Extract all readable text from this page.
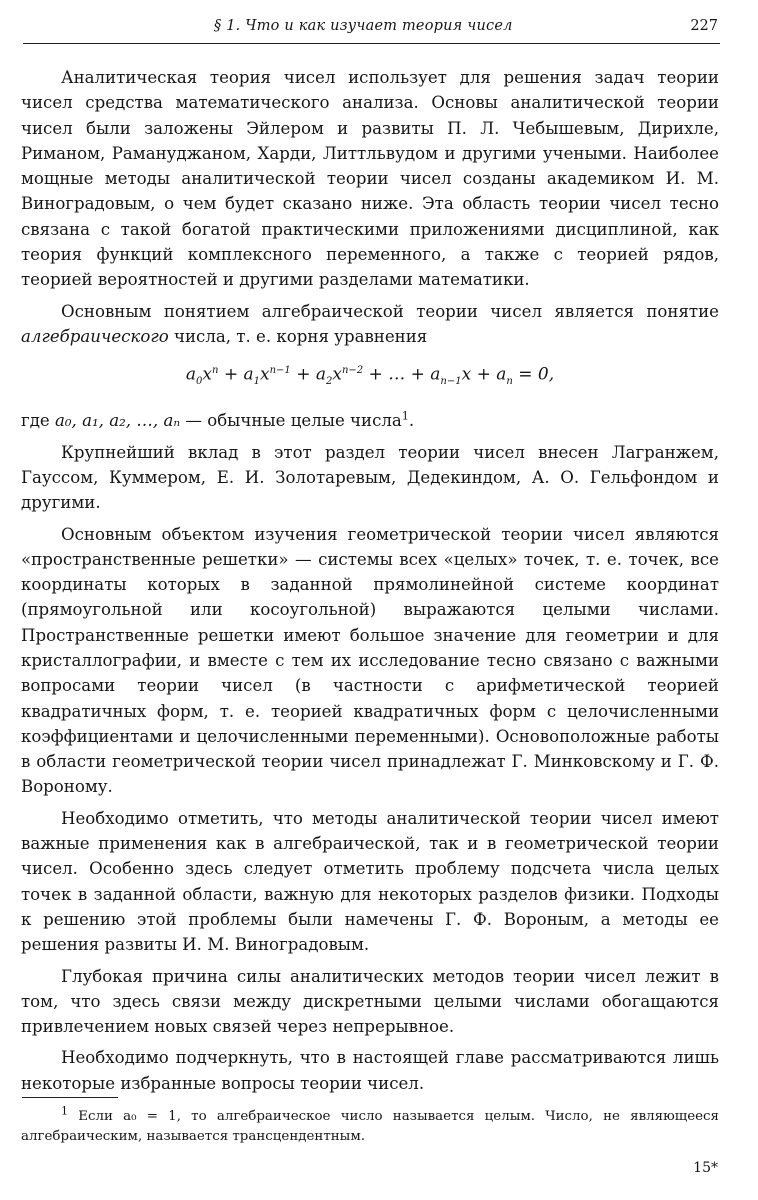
§ 1. Что и как изучает теория чисел	227

Аналитическая теория чисел использует для решения задач теории чисел средства математического анализа. Основы аналитической теории чисел были заложены Эйлером и развиты П. Л. Чебышевым, Дирихле, Риманом, Рамануджаном, Харди, Литтльвудом и другими учеными. Наиболее мощные методы аналитической теории чисел созданы академиком И. М. Виноградовым, о чем будет сказано ниже. Эта область теории чисел тесно связана с такой богатой практическими приложениями дисциплиной, как теория функций комплексного переменного, а также с теорией рядов, теорией вероятностей и другими разделами математики.

Основным понятием алгебраической теории чисел является понятие алгебраического числа, т. е. корня уравнения

$a_0x^n + a_1x^{n-1} + a_2x^{n-2}$ + … + $a_{n-1}x + a_n = 0$,

где a₀, a₁, a₂, …, aₙ — обычные целые числа$^1$.

Крупнейший вклад в этот раздел теории чисел внесен Лагранжем, Гауссом, Куммером, Е. И. Золотаревым, Дедекиндом, А. О. Гельфондом и другими.

Основным объектом изучения геометрической теории чисел являются «пространственные решетки» — системы всех «целых» точек, т. е. точек, все координаты которых в заданной прямолинейной системе координат (прямоугольной или косоугольной) выражаются целыми числами. Пространственные решетки имеют большое значение для геометрии и для кристаллографии, и вместе с тем их исследование тесно связано с важными вопросами теории чисел (в частности с арифметической теорией квадратичных форм, т. е. теорией квадратичных форм с целочисленными коэффициентами и целочисленными переменными). Основоположные работы в области геометрической теории чисел принадлежат Г. Минковскому и Г. Ф. Вороному.

Необходимо отметить, что методы аналитической теории чисел имеют важные применения как в алгебраической, так и в геометрической теории чисел. Особенно здесь следует отметить проблему подсчета числа целых точек в заданной области, важную для некоторых разделов физики. Подходы к решению этой проблемы были намечены Г. Ф. Вороным, а методы ее решения развиты И. М. Виноградовым.

Глубокая причина силы аналитических методов теории чисел лежит в том, что здесь связи между дискретными целыми числами обогащаются привлечением новых связей через непрерывное.

Необходимо подчеркнуть, что в настоящей главе рассматриваются лишь некоторые избранные вопросы теории чисел.

$^1$ Если a₀ = 1, то алгебраическое число называется целым. Число, не являющееся алгебраическим, называется трансцендентным.

15*
